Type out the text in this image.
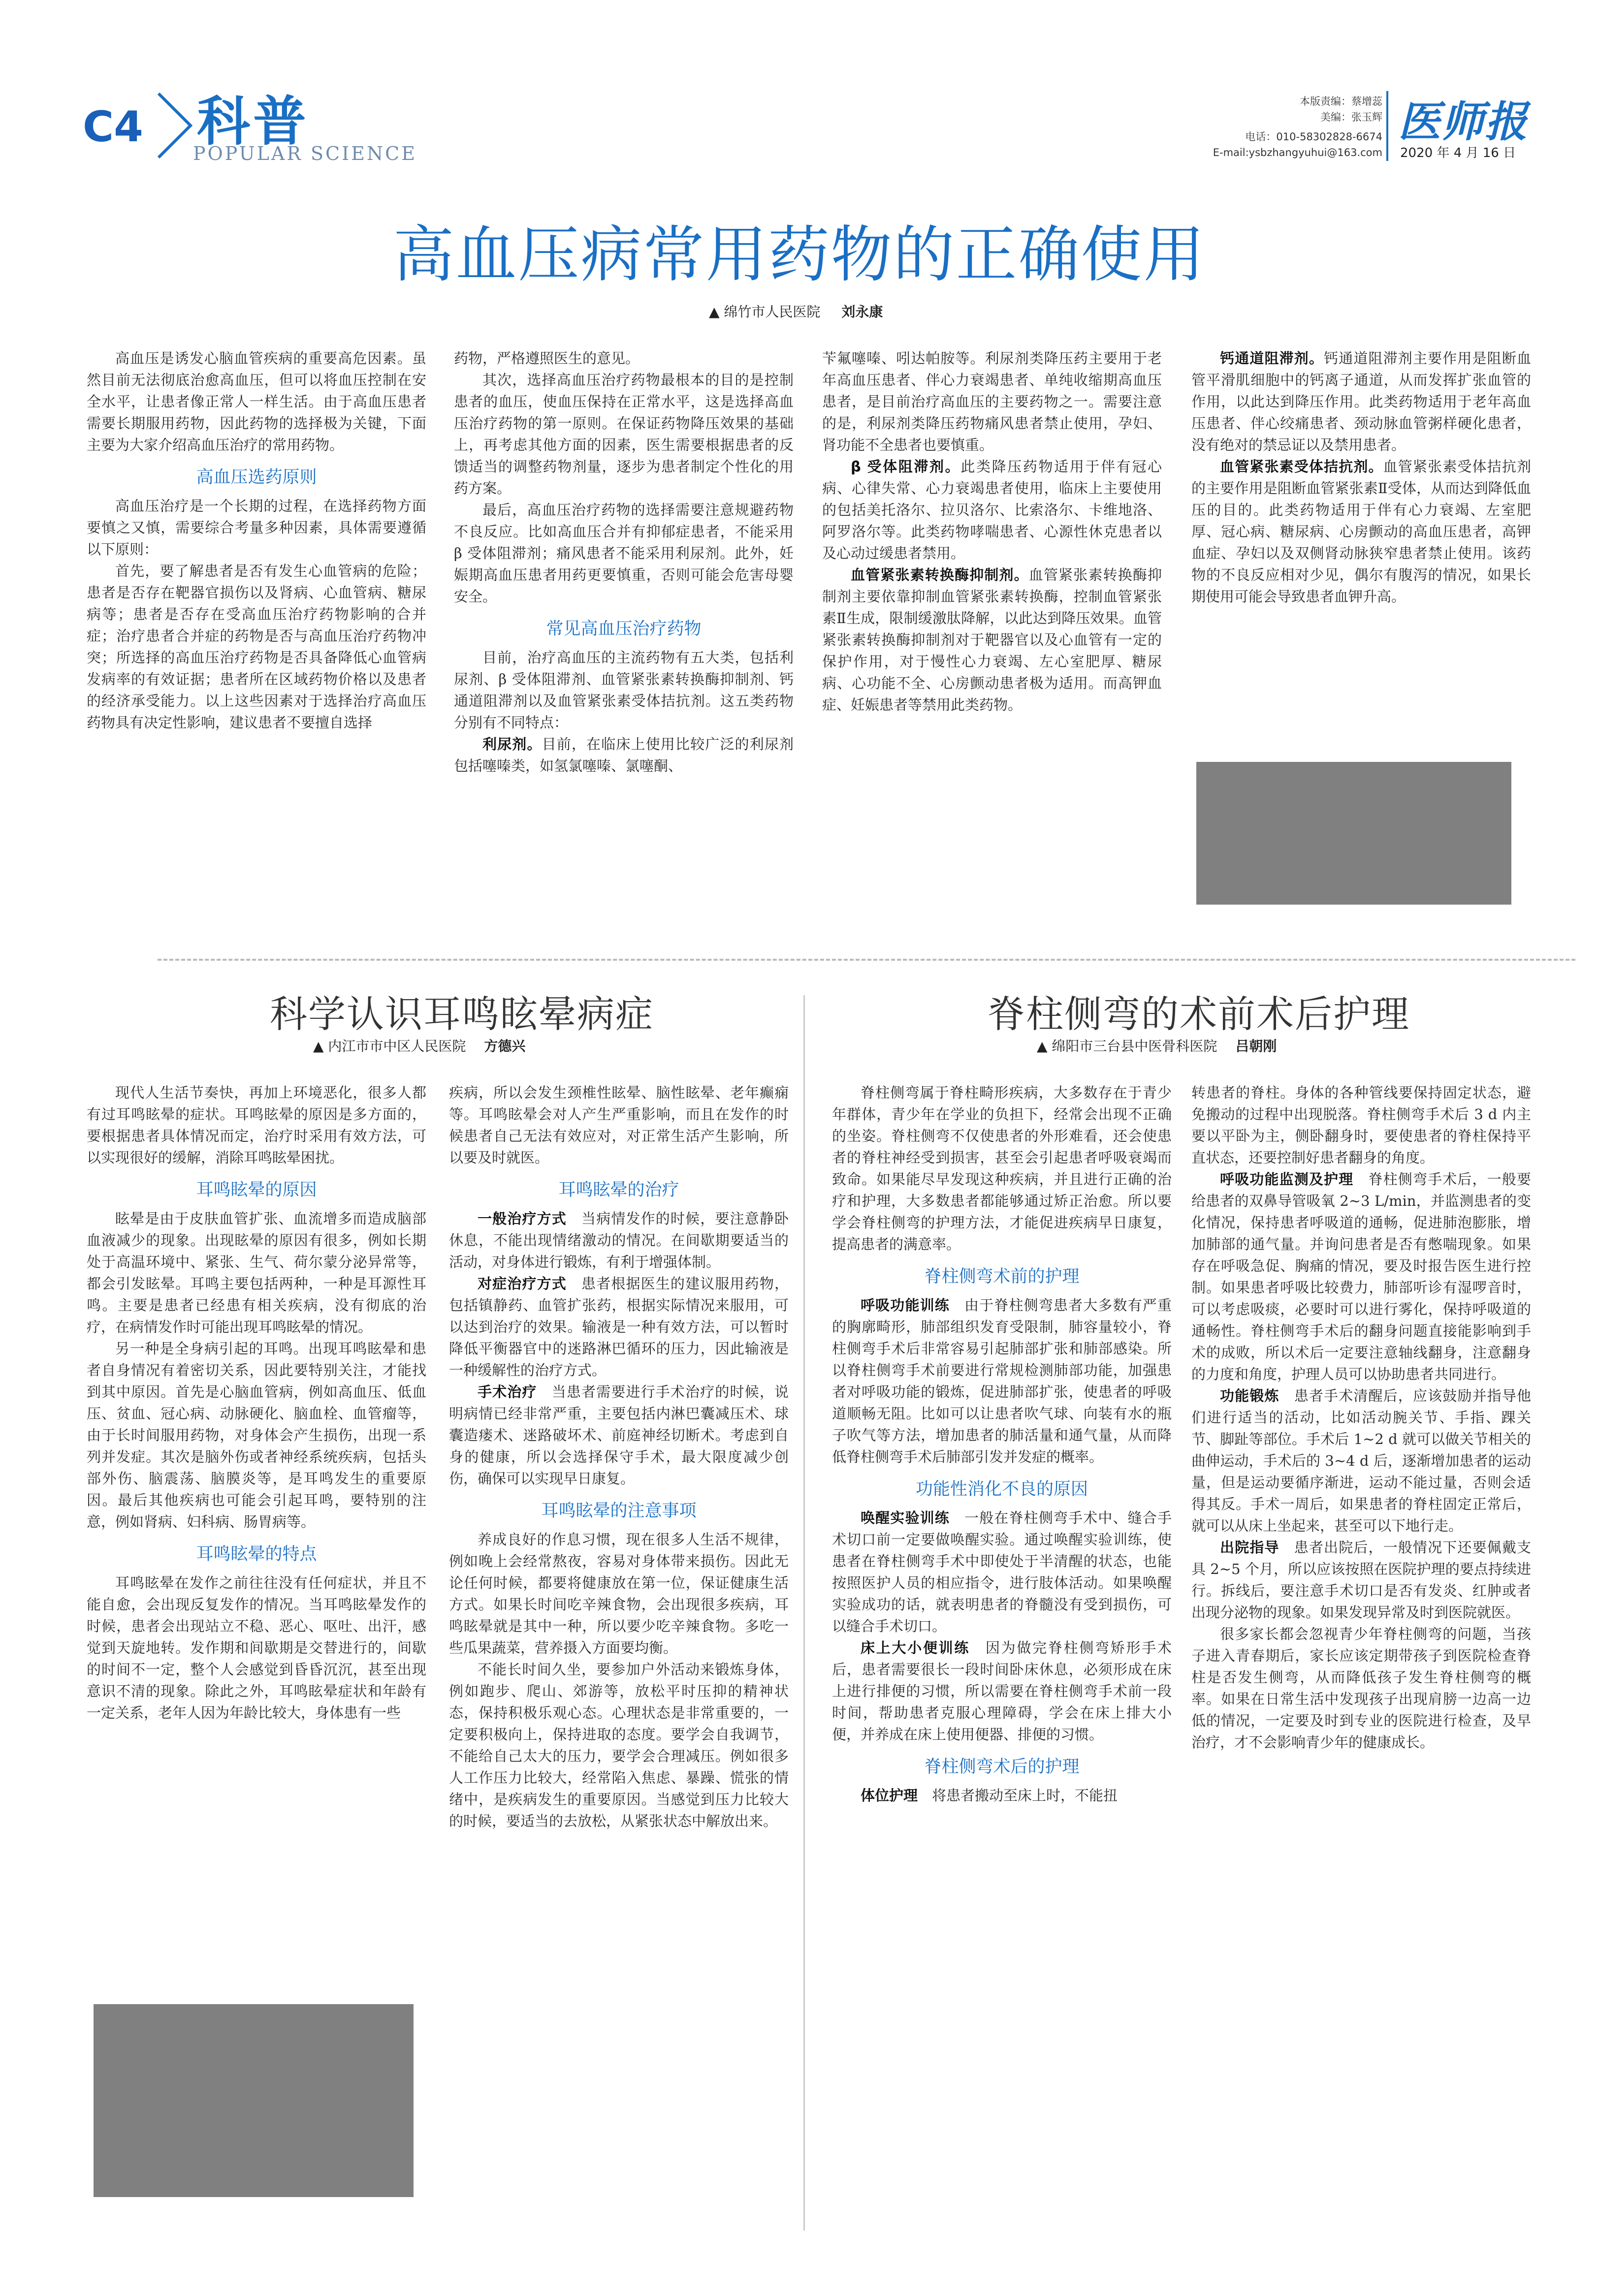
C4 科普
POPULAR SCIENCE
本版责编：蔡增蕊
美编：张玉辉
电话：010-58302828-6674
E-mail:ysbzhangyuhui@163.com
医师报
2020 年 4 月 16 日
高血压病常用药物的正确使用
▲ 绵竹市人民医院 刘永康

高血压是诱发心脑血管疾病的重要高危因素。虽然目前无法彻底治愈高血压，但可以将血压控制在安全水平，让患者像正常人一样生活。由于高血压患者需要长期服用药物，因此药物的选择极为关键，下面主要为大家介绍高血压治疗的常用药物。

高血压选药原则

高血压治疗是一个长期的过程，在选择药物方面要慎之又慎，需要综合考量多种因素，具体需要遵循以下原则：

首先，要了解患者是否有发生心血管病的危险；患者是否存在靶器官损伤以及肾病、心血管病、糖尿病等；患者是否存在受高血压治疗药物影响的合并症；治疗患者合并症的药物是否与高血压治疗药物冲突；所选择的高血压治疗药物是否具备降低心血管病发病率的有效证据；患者所在区域药物价格以及患者的经济承受能力。以上这些因素对于选择治疗高血压药物具有决定性影响，建议患者不要擅自选择

药物，严格遵照医生的意见。

其次，选择高血压治疗药物最根本的目的是控制患者的血压，使血压保持在正常水平，这是选择高血压治疗药物的第一原则。在保证药物降压效果的基础上，再考虑其他方面的因素，医生需要根据患者的反馈适当的调整药物剂量，逐步为患者制定个性化的用药方案。

最后，高血压治疗药物的选择需要注意规避药物不良反应。比如高血压合并有抑郁症患者，不能采用 β 受体阻滞剂；痛风患者不能采用利尿剂。此外，妊娠期高血压患者用药更要慎重，否则可能会危害母婴安全。

常见高血压治疗药物

目前，治疗高血压的主流药物有五大类，包括利尿剂、β 受体阻滞剂、血管紧张素转换酶抑制剂、钙通道阻滞剂以及血管紧张素受体拮抗剂。这五类药物分别有不同特点：

利尿剂。目前，在临床上使用比较广泛的利尿剂包括噻嗪类，如氢氯噻嗪、氯噻酮、

苄氟噻嗪、吲达帕胺等。利尿剂类降压药主要用于老年高血压患者、伴心力衰竭患者、单纯收缩期高血压患者，是目前治疗高血压的主要药物之一。需要注意的是，利尿剂类降压药物痛风患者禁止使用，孕妇、肾功能不全患者也要慎重。

β 受体阻滞剂。此类降压药物适用于伴有冠心病、心律失常、心力衰竭患者使用，临床上主要使用的包括美托洛尔、拉贝洛尔、比索洛尔、卡维地洛、阿罗洛尔等。此类药物哮喘患者、心源性休克患者以及心动过缓患者禁用。

血管紧张素转换酶抑制剂。血管紧张素转换酶抑制剂主要依靠抑制血管紧张素转换酶，控制血管紧张素Ⅱ生成，限制缓激肽降解，以此达到降压效果。血管紧张素转换酶抑制剂对于靶器官以及心血管有一定的保护作用，对于慢性心力衰竭、左心室肥厚、糖尿病、心功能不全、心房颤动患者极为适用。而高钾血症、妊娠患者等禁用此类药物。

钙通道阻滞剂。钙通道阻滞剂主要作用是阻断血管平滑肌细胞中的钙离子通道，从而发挥扩张血管的作用，以此达到降压作用。此类药物适用于老年高血压患者、伴心绞痛患者、颈动脉血管粥样硬化患者，没有绝对的禁忌证以及禁用患者。

血管紧张素受体拮抗剂。血管紧张素受体拮抗剂的主要作用是阻断血管紧张素Ⅱ受体，从而达到降低血压的目的。此类药物适用于伴有心力衰竭、左室肥厚、冠心病、糖尿病、心房颤动的高血压患者，高钾血症、孕妇以及双侧肾动脉狭窄患者禁止使用。该药物的不良反应相对少见，偶尔有腹泻的情况，如果长期使用可能会导致患者血钾升高。

科学认识耳鸣眩晕病症
▲ 内江市市中区人民医院 方德兴

现代人生活节奏快，再加上环境恶化，很多人都有过耳鸣眩晕的症状。耳鸣眩晕的原因是多方面的，要根据患者具体情况而定，治疗时采用有效方法，可以实现很好的缓解，消除耳鸣眩晕困扰。

耳鸣眩晕的原因

眩晕是由于皮肤血管扩张、血流增多而造成脑部血液减少的现象。出现眩晕的原因有很多，例如长期处于高温环境中、紧张、生气、荷尔蒙分泌异常等，都会引发眩晕。耳鸣主要包括两种，一种是耳源性耳鸣。主要是患者已经患有相关疾病，没有彻底的治疗，在病情发作时可能出现耳鸣眩晕的情况。

另一种是全身病引起的耳鸣。出现耳鸣眩晕和患者自身情况有着密切关系，因此要特别关注，才能找到其中原因。首先是心脑血管病，例如高血压、低血压、贫血、冠心病、动脉硬化、脑血栓、血管瘤等，由于长时间服用药物，对身体会产生损伤，出现一系列并发症。其次是脑外伤或者神经系统疾病，包括头部外伤、脑震荡、脑膜炎等，是耳鸣发生的重要原因。最后其他疾病也可能会引起耳鸣，要特别的注意，例如肾病、妇科病、肠胃病等。

耳鸣眩晕的特点

耳鸣眩晕在发作之前往往没有任何症状，并且不能自愈，会出现反复发作的情况。当耳鸣眩晕发作的时候，患者会出现站立不稳、恶心、呕吐、出汗，感觉到天旋地转。发作期和间歇期是交替进行的，间歇的时间不一定，整个人会感觉到昏昏沉沉，甚至出现意识不清的现象。除此之外，耳鸣眩晕症状和年龄有一定关系，老年人因为年龄比较大，身体患有一些

疾病，所以会发生颈椎性眩晕、脑性眩晕、老年癫痫等。耳鸣眩晕会对人产生严重影响，而且在发作的时候患者自己无法有效应对，对正常生活产生影响，所以要及时就医。

耳鸣眩晕的治疗

一般治疗方式　 当病情发作的时候，要注意静卧休息，不能出现情绪激动的情况。在间歇期要适当的活动，对身体进行锻炼，有利于增强体制。

对症治疗方式　 患者根据医生的建议服用药物，包括镇静药、血管扩张药，根据实际情况来服用，可以达到治疗的效果。输液是一种有效方法，可以暂时降低平衡器官中的迷路淋巴循环的压力，因此输液是一种缓解性的治疗方式。

手术治疗　 当患者需要进行手术治疗的时候，说明病情已经非常严重，主要包括内淋巴囊减压术、球囊造瘘术、迷路破坏术、前庭神经切断术。考虑到自身的健康，所以会选择保守手术，最大限度减少创伤，确保可以实现早日康复。

耳鸣眩晕的注意事项

养成良好的作息习惯，现在很多人生活不规律，例如晚上会经常熬夜，容易对身体带来损伤。因此无论任何时候，都要将健康放在第一位，保证健康生活方式。如果长时间吃辛辣食物，会出现很多疾病，耳鸣眩晕就是其中一种，所以要少吃辛辣食物。多吃一些瓜果蔬菜，营养摄入方面要均衡。

不能长时间久坐，要参加户外活动来锻炼身体，例如跑步、爬山、郊游等，放松平时压抑的精神状态，保持积极乐观心态。心理状态是非常重要的，一定要积极向上，保持进取的态度。要学会自我调节，不能给自己太大的压力，要学会合理减压。例如很多人工作压力比较大，经常陷入焦虑、暴躁、慌张的情绪中，是疾病发生的重要原因。当感觉到压力比较大的时候，要适当的去放松，从紧张状态中解放出来。

脊柱侧弯的术前术后护理
▲ 绵阳市三台县中医骨科医院 吕朝刚

脊柱侧弯属于脊柱畸形疾病，大多数存在于青少年群体，青少年在学业的负担下，经常会出现不正确的坐姿。脊柱侧弯不仅使患者的外形难看，还会使患者的脊柱神经受到损害，甚至会引起患者呼吸衰竭而致命。如果能尽早发现这种疾病，并且进行正确的治疗和护理，大多数患者都能够通过矫正治愈。所以要学会脊柱侧弯的护理方法，才能促进疾病早日康复，提高患者的满意率。

脊柱侧弯术前的护理

呼吸功能训练　 由于脊柱侧弯患者大多数有严重的胸廓畸形，肺部组织发育受限制，肺容量较小，脊柱侧弯手术后非常容易引起肺部扩张和肺部感染。所以脊柱侧弯手术前要进行常规检测肺部功能，加强患者对呼吸功能的锻炼，促进肺部扩张，使患者的呼吸道顺畅无阻。比如可以让患者吹气球、向装有水的瓶子吹气等方法，增加患者的肺活量和通气量，从而降低脊柱侧弯手术后肺部引发并发症的概率。

功能性消化不良的原因

唤醒实验训练　 一般在脊柱侧弯手术中、缝合手术切口前一定要做唤醒实验。通过唤醒实验训练，使患者在脊柱侧弯手术中即使处于半清醒的状态，也能按照医护人员的相应指令，进行肢体活动。如果唤醒实验成功的话，就表明患者的脊髓没有受到损伤，可以缝合手术切口。

床上大小便训练　 因为做完脊柱侧弯矫形手术后，患者需要很长一段时间卧床休息，必须形成在床上进行排便的习惯，所以需要在脊柱侧弯手术前一段时间，帮助患者克服心理障碍，学会在床上排大小便，并养成在床上使用便器、排便的习惯。

脊柱侧弯术后的护理

体位护理　 将患者搬动至床上时，不能扭

转患者的脊柱。身体的各种管线要保持固定状态，避免搬动的过程中出现脱落。脊柱侧弯手术后 3 d 内主要以平卧为主，侧卧翻身时，要使患者的脊柱保持平直状态，还要控制好患者翻身的角度。

呼吸功能监测及护理　 脊柱侧弯手术后，一般要给患者的双鼻导管吸氧 2~3 L/min，并监测患者的变化情况，保持患者呼吸道的通畅，促进肺泡膨胀，增加肺部的通气量。并询问患者是否有憋喘现象。如果存在呼吸急促、胸痛的情况，要及时报告医生进行控制。如果患者呼吸比较费力，肺部听诊有湿啰音时，可以考虑吸痰，必要时可以进行雾化，保持呼吸道的通畅性。脊柱侧弯手术后的翻身问题直接能影响到手术的成败，所以术后一定要注意轴线翻身，注意翻身的力度和角度，护理人员可以协助患者共同进行。

功能锻炼　 患者手术清醒后，应该鼓励并指导他们进行适当的活动，比如活动腕关节、手指、踝关节、脚趾等部位。手术后 1~2 d 就可以做关节相关的曲伸运动，手术后的 3~4 d 后，逐渐增加患者的运动量，但是运动要循序渐进，运动不能过量，否则会适得其反。手术一周后，如果患者的脊柱固定正常后，就可以从床上坐起来，甚至可以下地行走。

出院指导　 患者出院后，一般情况下还要佩戴支具 2~5 个月，所以应该按照在医院护理的要点持续进行。拆线后，要注意手术切口是否有发炎、红肿或者出现分泌物的现象。如果发现异常及时到医院就医。

很多家长都会忽视青少年脊柱侧弯的问题，当孩子进入青春期后，家长应该定期带孩子到医院检查脊柱是否发生侧弯，从而降低孩子发生脊柱侧弯的概率。如果在日常生活中发现孩子出现肩膀一边高一边低的情况，一定要及时到专业的医院进行检查，及早治疗，才不会影响青少年的健康成长。
